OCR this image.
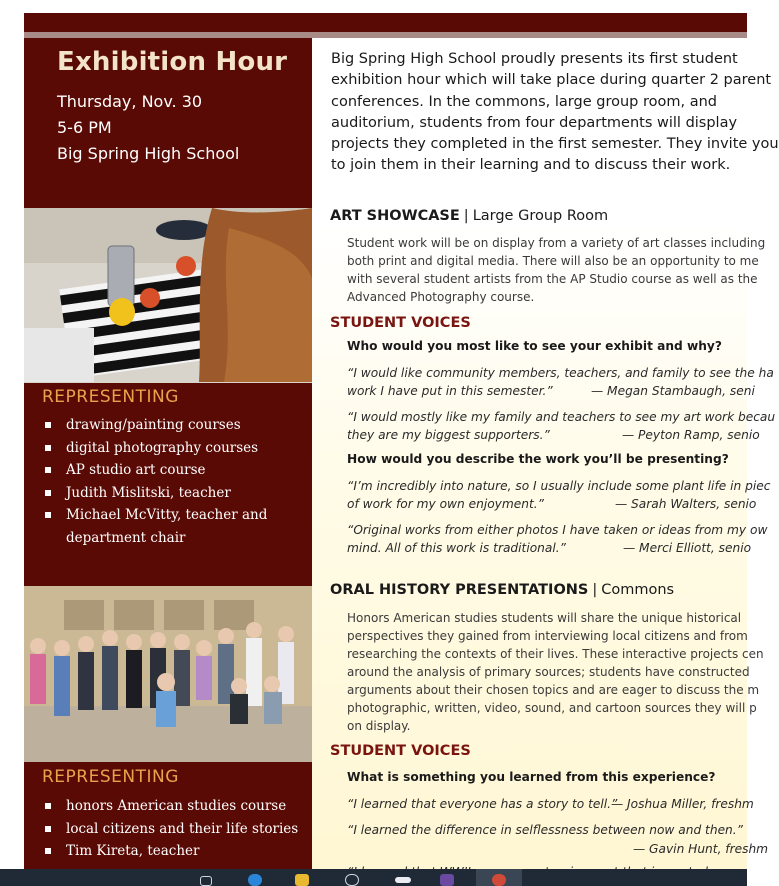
Exhibition Hour
Thursday, Nov. 30
5-6 PM
Big Spring High School
REPRESENTING
drawing/painting courses
digital photography courses
AP studio art course
Judith Mislitski, teacher
Michael McVitty, teacher and
department chair
REPRESENTING
honors American studies course
local citizens and their life stories
Tim Kireta, teacher
Big Spring High School proudly presents its first student
exhibition hour which will take place during quarter 2 parent
conferences. In the commons, large group room, and
auditorium, students from four departments will display
projects they completed in the first semester. They invite you
to join them in their learning and to discuss their work.
ART SHOWCASE | Large Group Room
Student work will be on display from a variety of art classes including
both print and digital media. There will also be an opportunity to me
with several student artists from the AP Studio course as well as the
Advanced Photography course.
STUDENT VOICES
Who would you most like to see your exhibit and why?
“I would like community members, teachers, and family to see the ha
work I have put in this semester.”	— Megan Stambaugh, seni
“I would mostly like my family and teachers to see my art work becau
they are my biggest supporters.”	— Peyton Ramp, senio
How would you describe the work you’ll be presenting?
“I’m incredibly into nature, so I usually include some plant life in piec
of work for my own enjoyment.”	— Sarah Walters, senio
“Original works from either photos I have taken or ideas from my ow
mind. All of this work is traditional.”	— Merci Elliott, senio
ORAL HISTORY PRESENTATIONS | Commons
Honors American studies students will share the unique historical
perspectives they gained from interviewing local citizens and from
researching the contexts of their lives. These interactive projects cen
around the analysis of primary sources; students have constructed
arguments about their chosen topics and are eager to discuss the m
photographic, written, video, sound, and cartoon sources they will p
on display.
STUDENT VOICES
What is something you learned from this experience?
“I learned that everyone has a story to tell.”
— Joshua Miller, freshm
“I learned the difference in selflessness between now and then.”
— Gavin Hunt, freshm
